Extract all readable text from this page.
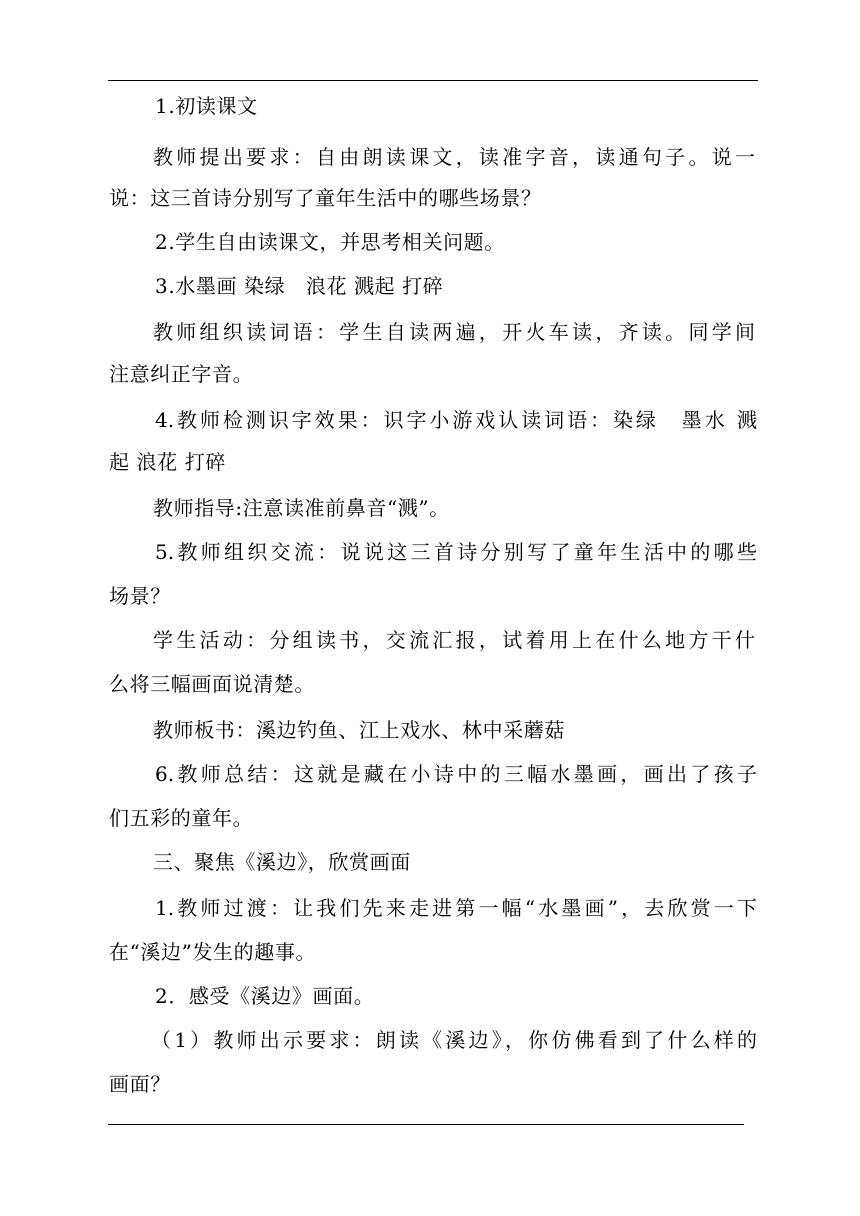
1.初读课文
教师提出要求：自由朗读课文，读准字音，读通句子。说一
说：这三首诗分别写了童年生活中的哪些场景？
2.学生自由读课文，并思考相关问题。
3.水墨画 染绿　浪花 溅起 打碎
教师组织读词语：学生自读两遍，开火车读，齐读。同学间
注意纠正字音。
4.教师检测识字效果：识字小游戏认读词语：染绿　墨水 溅
起 浪花 打碎
教师指导:注意读准前鼻音“溅”。
5.教师组织交流：说说这三首诗分别写了童年生活中的哪些
场景？
学生活动：分组读书，交流汇报，试着用上在什么地方干什
么将三幅画面说清楚。
教师板书：溪边钓鱼、江上戏水、林中采蘑菇
6.教师总结：这就是藏在小诗中的三幅水墨画，画出了孩子
们五彩的童年。
三、聚焦《溪边》，欣赏画面
1.教师过渡：让我们先来走进第一幅“水墨画”，去欣赏一下
在“溪边”发生的趣事。
2．感受《溪边》画面。
（1）教师出示要求：朗读《溪边》，你仿佛看到了什么样的
画面？
